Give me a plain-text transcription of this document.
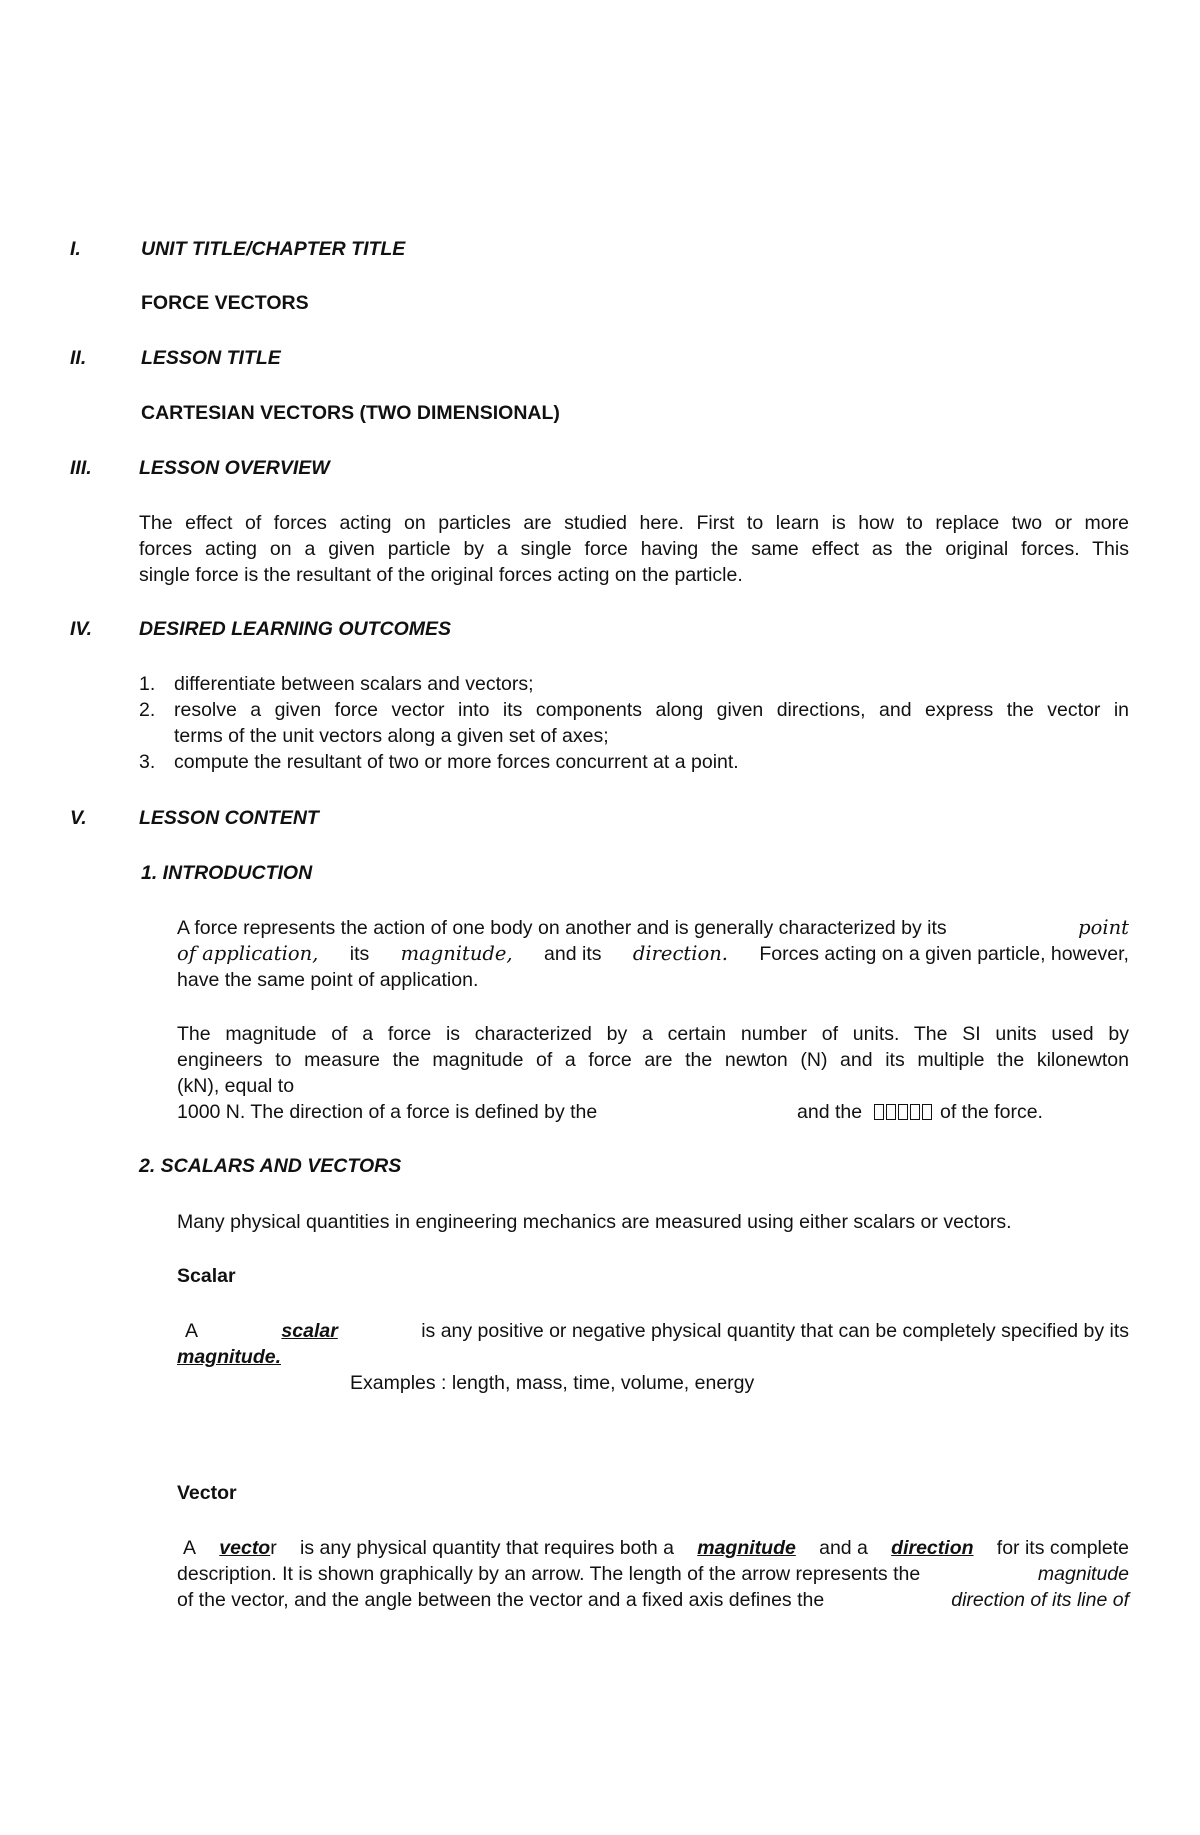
I.	UNIT TITLE/CHAPTER TITLE
FORCE VECTORS
II.	LESSON TITLE
CARTESIAN VECTORS (TWO DIMENSIONAL)
III. LESSON OVERVIEW
The effect of forces acting on particles are studied here. First to learn is how to replace two or more
forces acting on a given particle by a single force having the same effect as the original forces. This
single force is the resultant of the original forces acting on the particle.
IV. DESIRED LEARNING OUTCOMES
1. differentiate between scalars and vectors;
2. resolve a given force vector into its components along given directions, and express the vector in
terms of the unit vectors along a given set of axes;
3. compute the resultant of two or more forces concurrent at a point.
V.	LESSON CONTENT
1. INTRODUCTION
A force represents the action of one body on another and is generally characterized by its	point
of application, its magnitude, and its direction. Forces acting on a given particle, however,
have the same point of application.
The magnitude of a force is characterized by a certain number of units. The SI units used by
engineers to measure the magnitude of a force are the newton (N) and its multiple the kilonewton
(kN), equal to
1000 N. The direction of a force is defined by the	and the	of the force.
2. SCALARS AND VECTORS
Many physical quantities in engineering mechanics are measured using either scalars or vectors.
Scalar
A	scalar	is any positive or negative physical quantity that can be completely specified by its
magnitude.
Examples : length, mass, time, volume, energy
Vector
A vector is any physical quantity that requires both a magnitude and a direction for its complete
description. It is shown graphically by an arrow. The length of the arrow represents the	magnitude
of the vector, and the angle between the vector and a fixed axis defines the	direction of its line of
